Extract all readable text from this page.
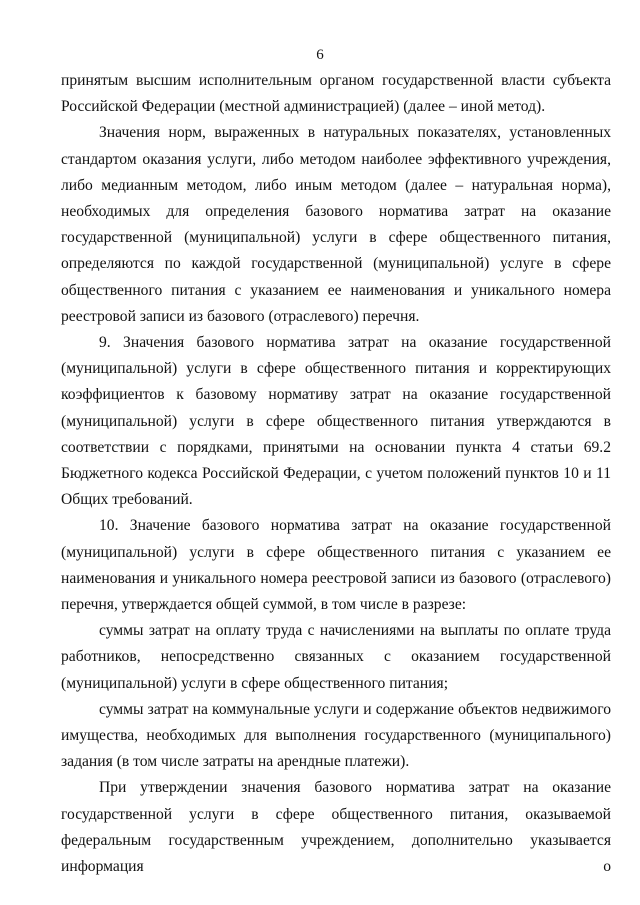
6

принятым высшим исполнительным органом государственной власти субъекта Российской Федерации (местной администрацией) (далее – иной метод).

Значения норм, выраженных в натуральных показателях, установленных стандартом оказания услуги, либо методом наиболее эффективного учреждения, либо медианным методом, либо иным методом (далее – натуральная норма), необходимых для определения базового норматива затрат на оказание государственной (муниципальной) услуги в сфере общественного питания, определяются по каждой государственной (муниципальной) услуге в сфере общественного питания с указанием ее наименования и уникального номера реестровой записи из базового (отраслевого) перечня.

9. Значения базового норматива затрат на оказание государственной (муниципальной) услуги в сфере общественного питания и корректирующих коэффициентов к базовому нормативу затрат на оказание государственной (муниципальной) услуги в сфере общественного питания утверждаются в соответствии с порядками, принятыми на основании пункта 4 статьи 69.2 Бюджетного кодекса Российской Федерации, с учетом положений пунктов 10 и 11 Общих требований.

10. Значение базового норматива затрат на оказание государственной (муниципальной) услуги в сфере общественного питания с указанием ее наименования и уникального номера реестровой записи из базового (отраслевого) перечня, утверждается общей суммой, в том числе в разрезе:

суммы затрат на оплату труда с начислениями на выплаты по оплате труда работников, непосредственно связанных с оказанием государственной (муниципальной) услуги в сфере общественного питания;

суммы затрат на коммунальные услуги и содержание объектов недвижимого имущества, необходимых для выполнения государственного (муниципального) задания (в том числе затраты на арендные платежи).

При утверждении значения базового норматива затрат на оказание государственной услуги в сфере общественного питания, оказываемой федеральным государственным учреждением, дополнительно указывается информация о
